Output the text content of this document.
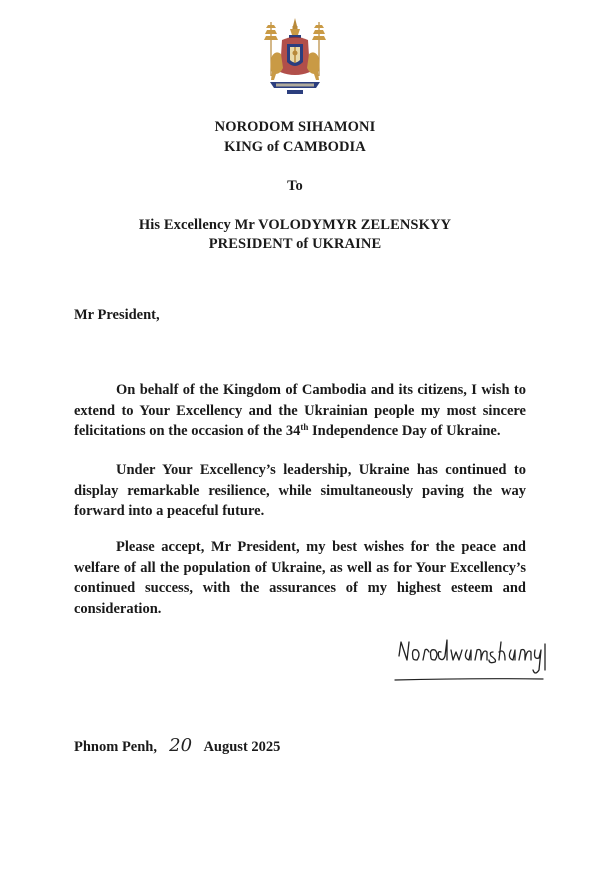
NORODOM SIHAMONI
KING of CAMBODIA
To
His Excellency Mr VOLODYMYR ZELENSKYY
PRESIDENT of UKRAINE
Mr President,

On behalf of the Kingdom of Cambodia and its citizens, I wish to extend to Your Excellency and the Ukrainian people my most sincere felicitations on the occasion of the 34th Independence Day of Ukraine.

Under Your Excellency’s leadership, Ukraine has continued to display remarkable resilience, while simultaneously paving the way forward into a peaceful future.

Please accept, Mr President, my best wishes for the peace and welfare of all the population of Ukraine, as well as for Your Excellency’s continued success, with the assurances of my highest esteem and consideration.

Phnom Penh, 20 August 2025
